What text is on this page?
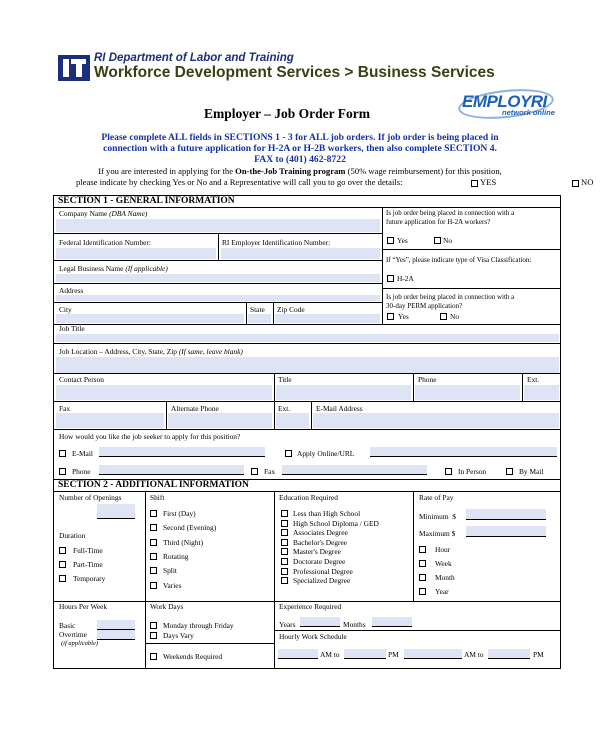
RI Department of Labor and Training
Workforce Development Services > Business Services
EMPLOYRI
network online
Employer – Job Order Form
Please complete ALL fields in SECTIONS 1 - 3 for ALL job orders. If job order is being placed in
connection with a future application for H-2A or H-2B workers, then also complete SECTION 4.
FAX to (401) 462-8722
If you are interested in applying for the On-the-Job Training program (50% wage reimbursement) for this position,
please indicate by checking Yes or No and a Representative will call you to go over the details:	YES	NO
SECTION 1 - GENERAL INFORMATION
Company Name (DBA Name)
Federal Identification Number:	RI Employer Identification Number:
Legal Business Name (If applicable)
Address
City	State Zip Code
Is job order being placed in connection with a
future application for H-2A workers?
Yes	No
If “Yes”, please indicate type of Visa Classification:
H-2A
Is job order being placed in connection with a
30-day PERM application?
Yes	No
Job Title
Job Location – Address, City, State, Zip (If same, leave blank)
Contact Person	Title	Phone	Ext.
Fax	Alternate Phone	Ext.	E-Mail Address
How would you like the job seeker to apply for this position?
E-Mail	Apply Online/URL
Phone	Fax	In Person	By Mail
SECTION 2 - ADDITIONAL INFORMATION
Number of Openings
Duration
Full-Time
Part-Time
Temporary
Shift
First (Day)
Second (Evening)
Third (Night)
Rotating
Split
Varies
Education Required
Less than High School
High School Diploma / GED
Associates Degree
Bachelor's Degree
Master's Degree
Doctorate Degree
Professional Degree
Specialized Degree
Rate of Pay
Minimum $
Maximum $
Hour
Week
Month
Year
Hours Per Week
Basic
Overtime
(if applicable)
Work Days
Monday through Friday
Days Vary
Weekends Required
Experience Required
Years	Months
Hourly Work Schedule
AM to	PM	AM to	PM
